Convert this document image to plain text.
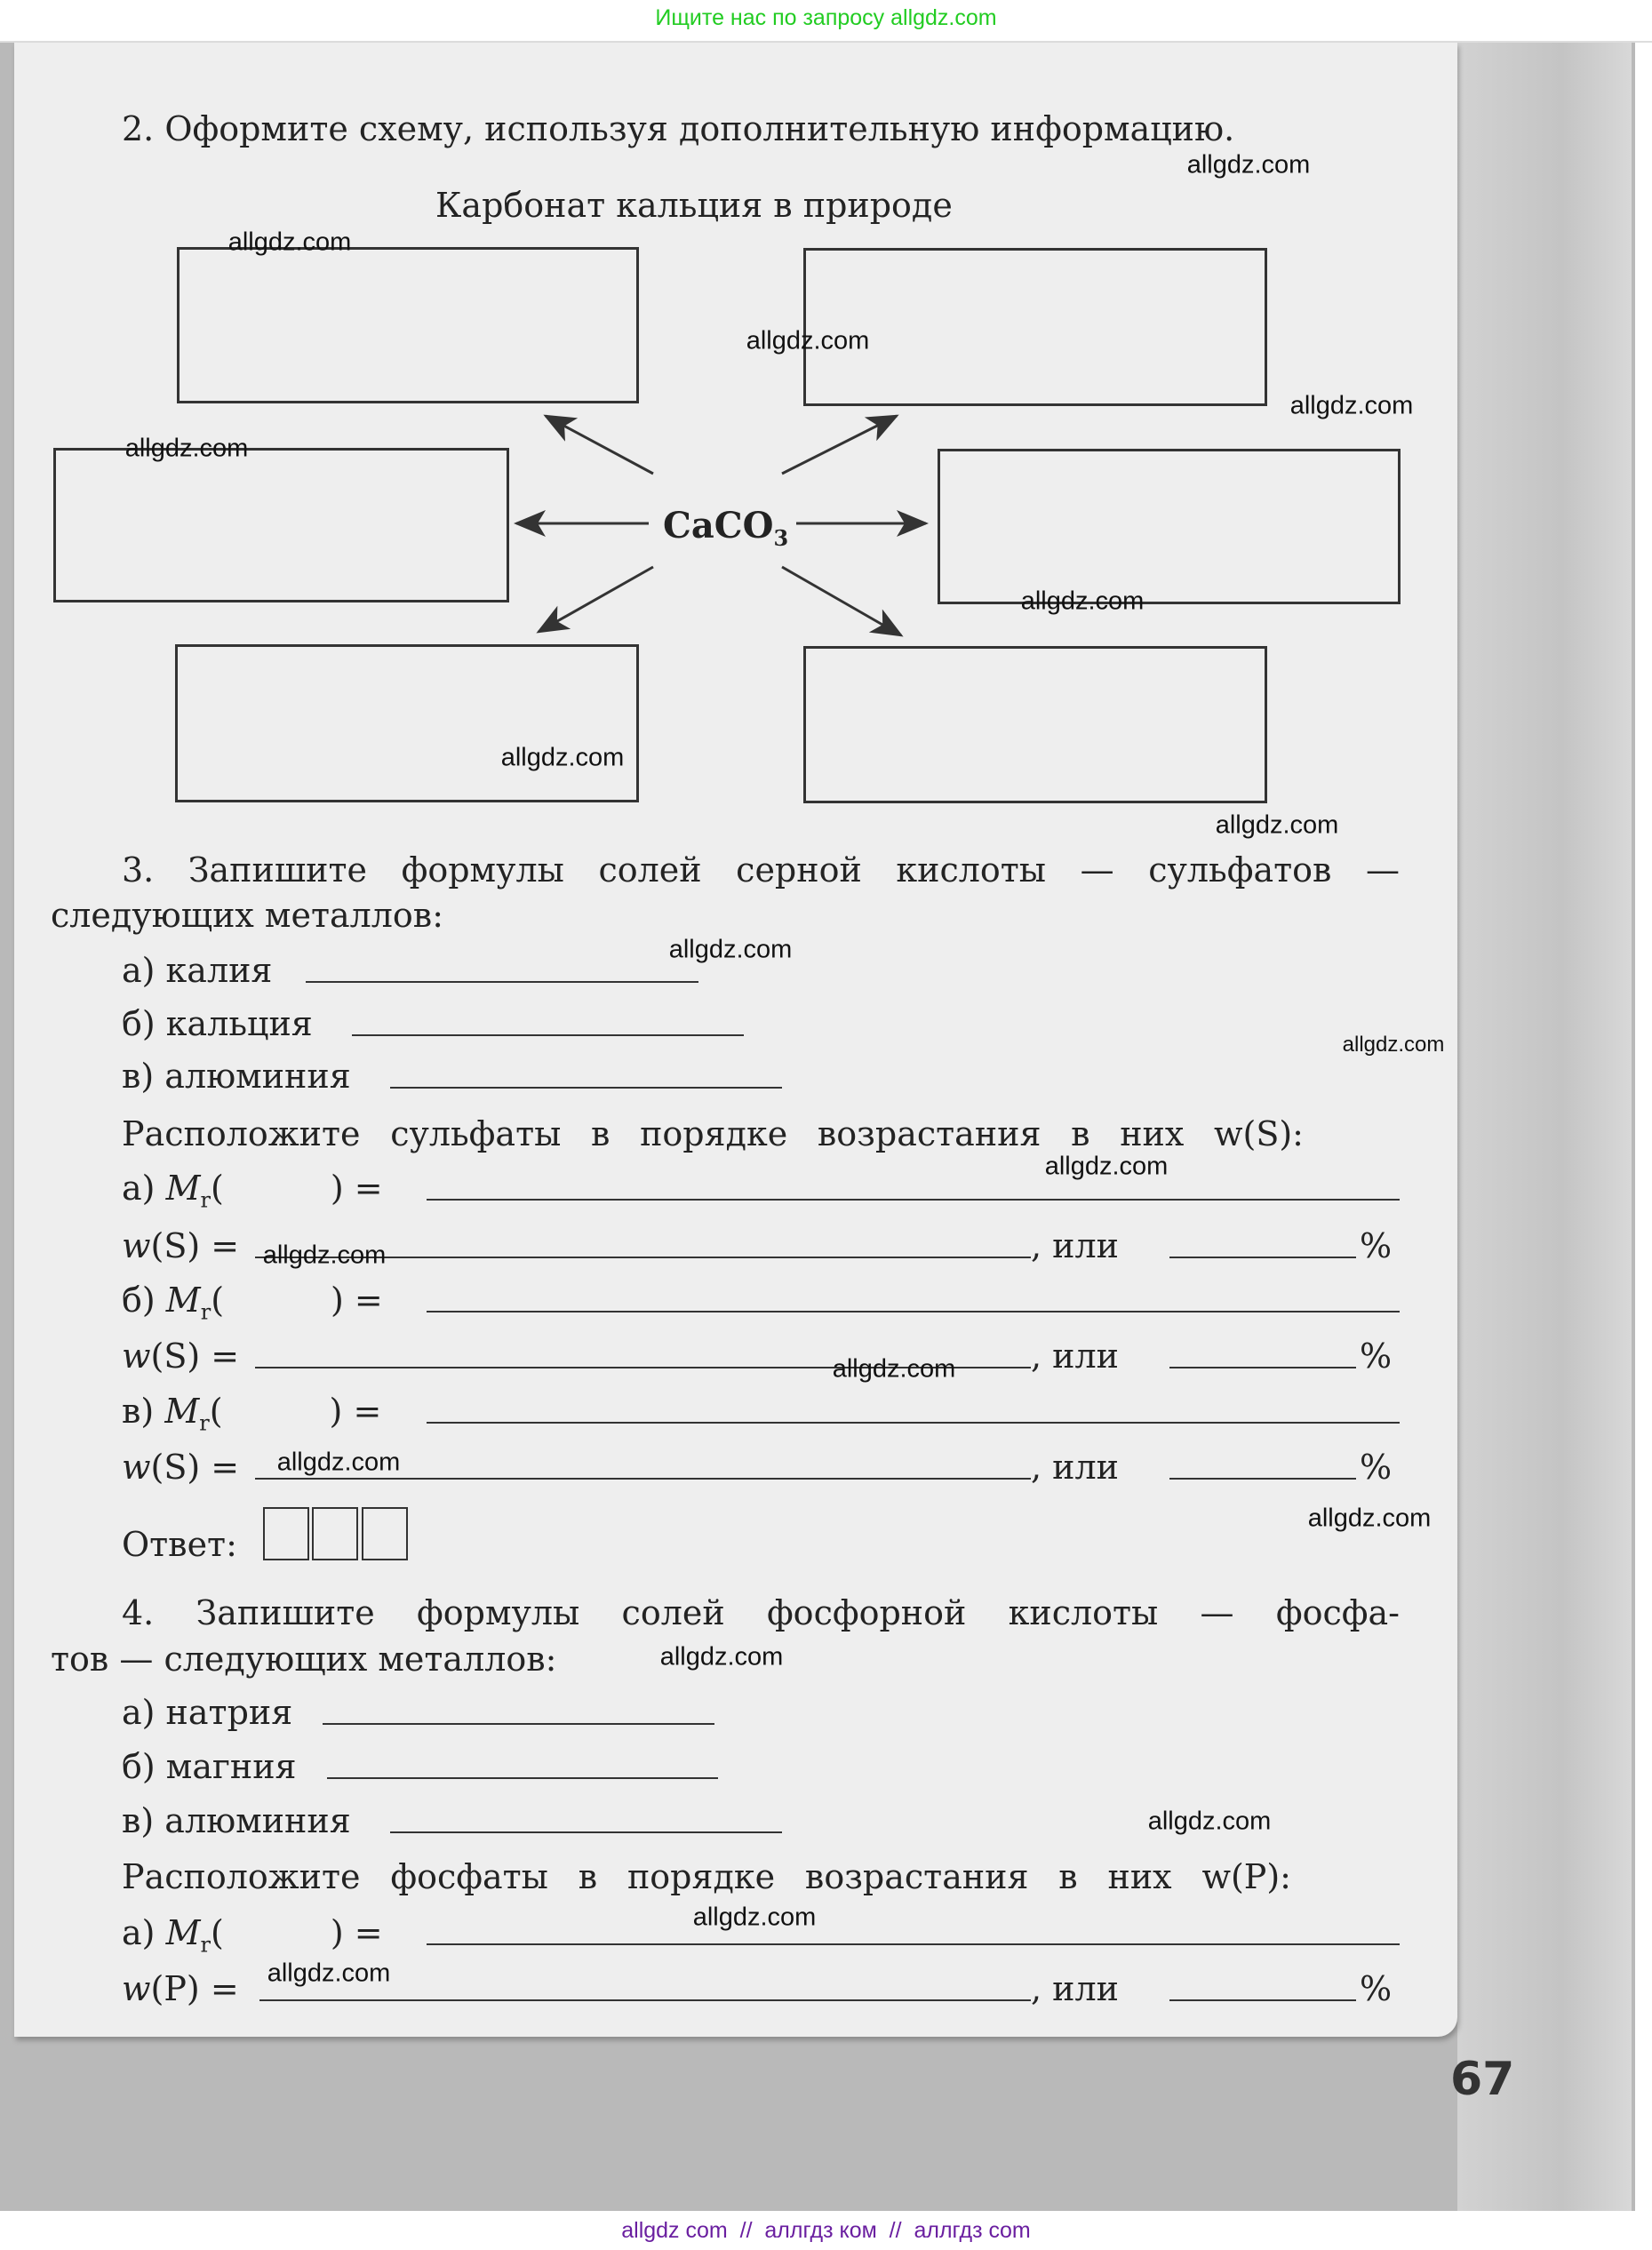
Ищите нас по запросу allgdz.com
2. Оформите схему, используя дополнительную информацию.
Карбонат кальция в природе
CaCO$_3$
3. Запишите формулы солей серной кислоты — сульфатов —
следующих металлов:
а) калия
б) кальция
в) алюминия
Расположите сульфаты в порядке возрастания в них w(S):
а) $M_r$(	) =
w(S) =	, или	%
б) $M_r$(	) =
w(S) =	, или	%
в) $M_r$(	) =
w(S) =	, или	%
Ответ:
4. Запишите формулы солей фосфорной кислоты — фосфа-
тов — следующих металлов:
а) натрия
б) магния
в) алюминия
Расположите фосфаты в порядке возрастания в них w(P):
а) $M_r$(	) =
w(P) =	, или	%
67
allgdz.com
allgdz.com
allgdz.com
allgdz.com
allgdz.com
allgdz.com
allgdz.com
allgdz.com
allgdz.com
allgdz.com
allgdz.com
allgdz.com
allgdz.com
allgdz.com
allgdz.com
allgdz.com
allgdz.com
allgdz.com
allgdz.com
allgdz com  //  аллгдз ком  //  аллгдз com
